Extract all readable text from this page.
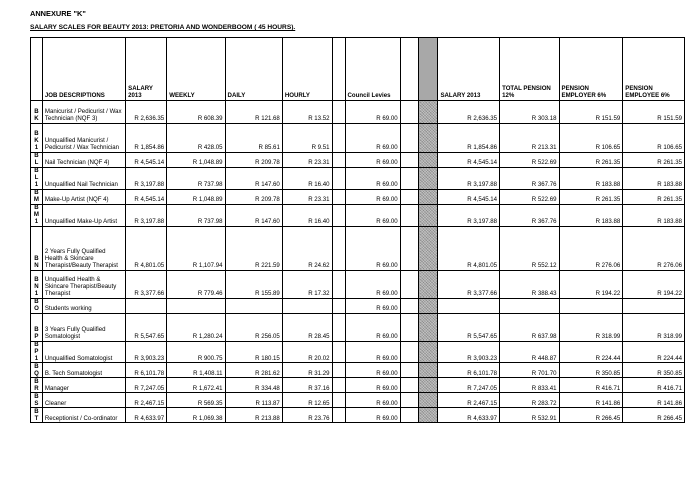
ANNEXURE "K"
SALARY SCALES FOR BEAUTY 2013: PRETORIA AND WONDERBOOM ( 45 HOURS).
	JOB DESCRIPTIONS	SALARY 2013	WEEKLY	DAILY	HOURLY		Council Levies			SALARY 2013	TOTAL PENSION 12%	PENSION EMPLOYER 6%	PENSION EMPLOYEE 6%
B K	Manicurist / Pedicurist / Wax Technician (NQF 3)	R 2,636.35	R 608.39	R 121.68	R 13.52		R 69.00			R 2,636.35	R 303.18	R 151.59	R 151.59
B K 1	Unqualified Manicurist / Pedicurist / Wax Technician	R 1,854.86	R 428.05	R 85.61	R 9.51		R 69.00			R 1,854.86	R 213.31	R 106.65	R 106.65
B L	Nail Technician (NQF 4)	R 4,545.14	R 1,048.89	R 209.78	R 23.31		R 69.00			R 4,545.14	R 522.69	R 261.35	R 261.35
B L 1	Unqualified Nail Technician	R 3,197.88	R 737.98	R 147.60	R 16.40		R 69.00			R 3,197.88	R 367.76	R 183.88	R 183.88
B M	Make-Up Artist (NQF 4)	R 4,545.14	R 1,048.89	R 209.78	R 23.31		R 69.00			R 4,545.14	R 522.69	R 261.35	R 261.35
B M 1	Unqualified Make-Up Artist	R 3,197.88	R 737.98	R 147.60	R 16.40		R 69.00			R 3,197.88	R 367.76	R 183.88	R 183.88
B N	2 Years Fully Qualified Health & Skincare Therapist/Beauty Therapist	R 4,801.05	R 1,107.94	R 221.59	R 24.62		R 69.00			R 4,801.05	R 552.12	R 276.06	R 276.06
B N 1	Unqualified Health & Skincare Therapist/Beauty Therapist	R 3,377.66	R 779.46	R 155.89	R 17.32		R 69.00			R 3,377.66	R 388.43	R 194.22	R 194.22
B O	Students working						R 69.00						
B P	3 Years Fully Qualified Somatologist	R 5,547.65	R 1,280.24	R 256.05	R 28.45		R 69.00			R 5,547.65	R 637.98	R 318.99	R 318.99
B P 1	Unqualified Somatologist	R 3,903.23	R 900.75	R 180.15	R 20.02		R 69.00			R 3,903.23	R 448.87	R 224.44	R 224.44
B Q	B. Tech Somatologist	R 6,101.78	R 1,408.11	R 281.62	R 31.29		R 69.00			R 6,101.78	R 701.70	R 350.85	R 350.85
B R	Manager	R 7,247.05	R 1,672.41	R 334.48	R 37.16		R 69.00			R 7,247.05	R 833.41	R 416.71	R 416.71
B S	Cleaner	R 2,467.15	R 569.35	R 113.87	R 12.65		R 69.00			R 2,467.15	R 283.72	R 141.86	R 141.86
B T	Receptionist / Co-ordinator	R 4,633.97	R 1,069.38	R 213.88	R 23.76		R 69.00			R 4,633.97	R 532.91	R 266.45	R 266.45
